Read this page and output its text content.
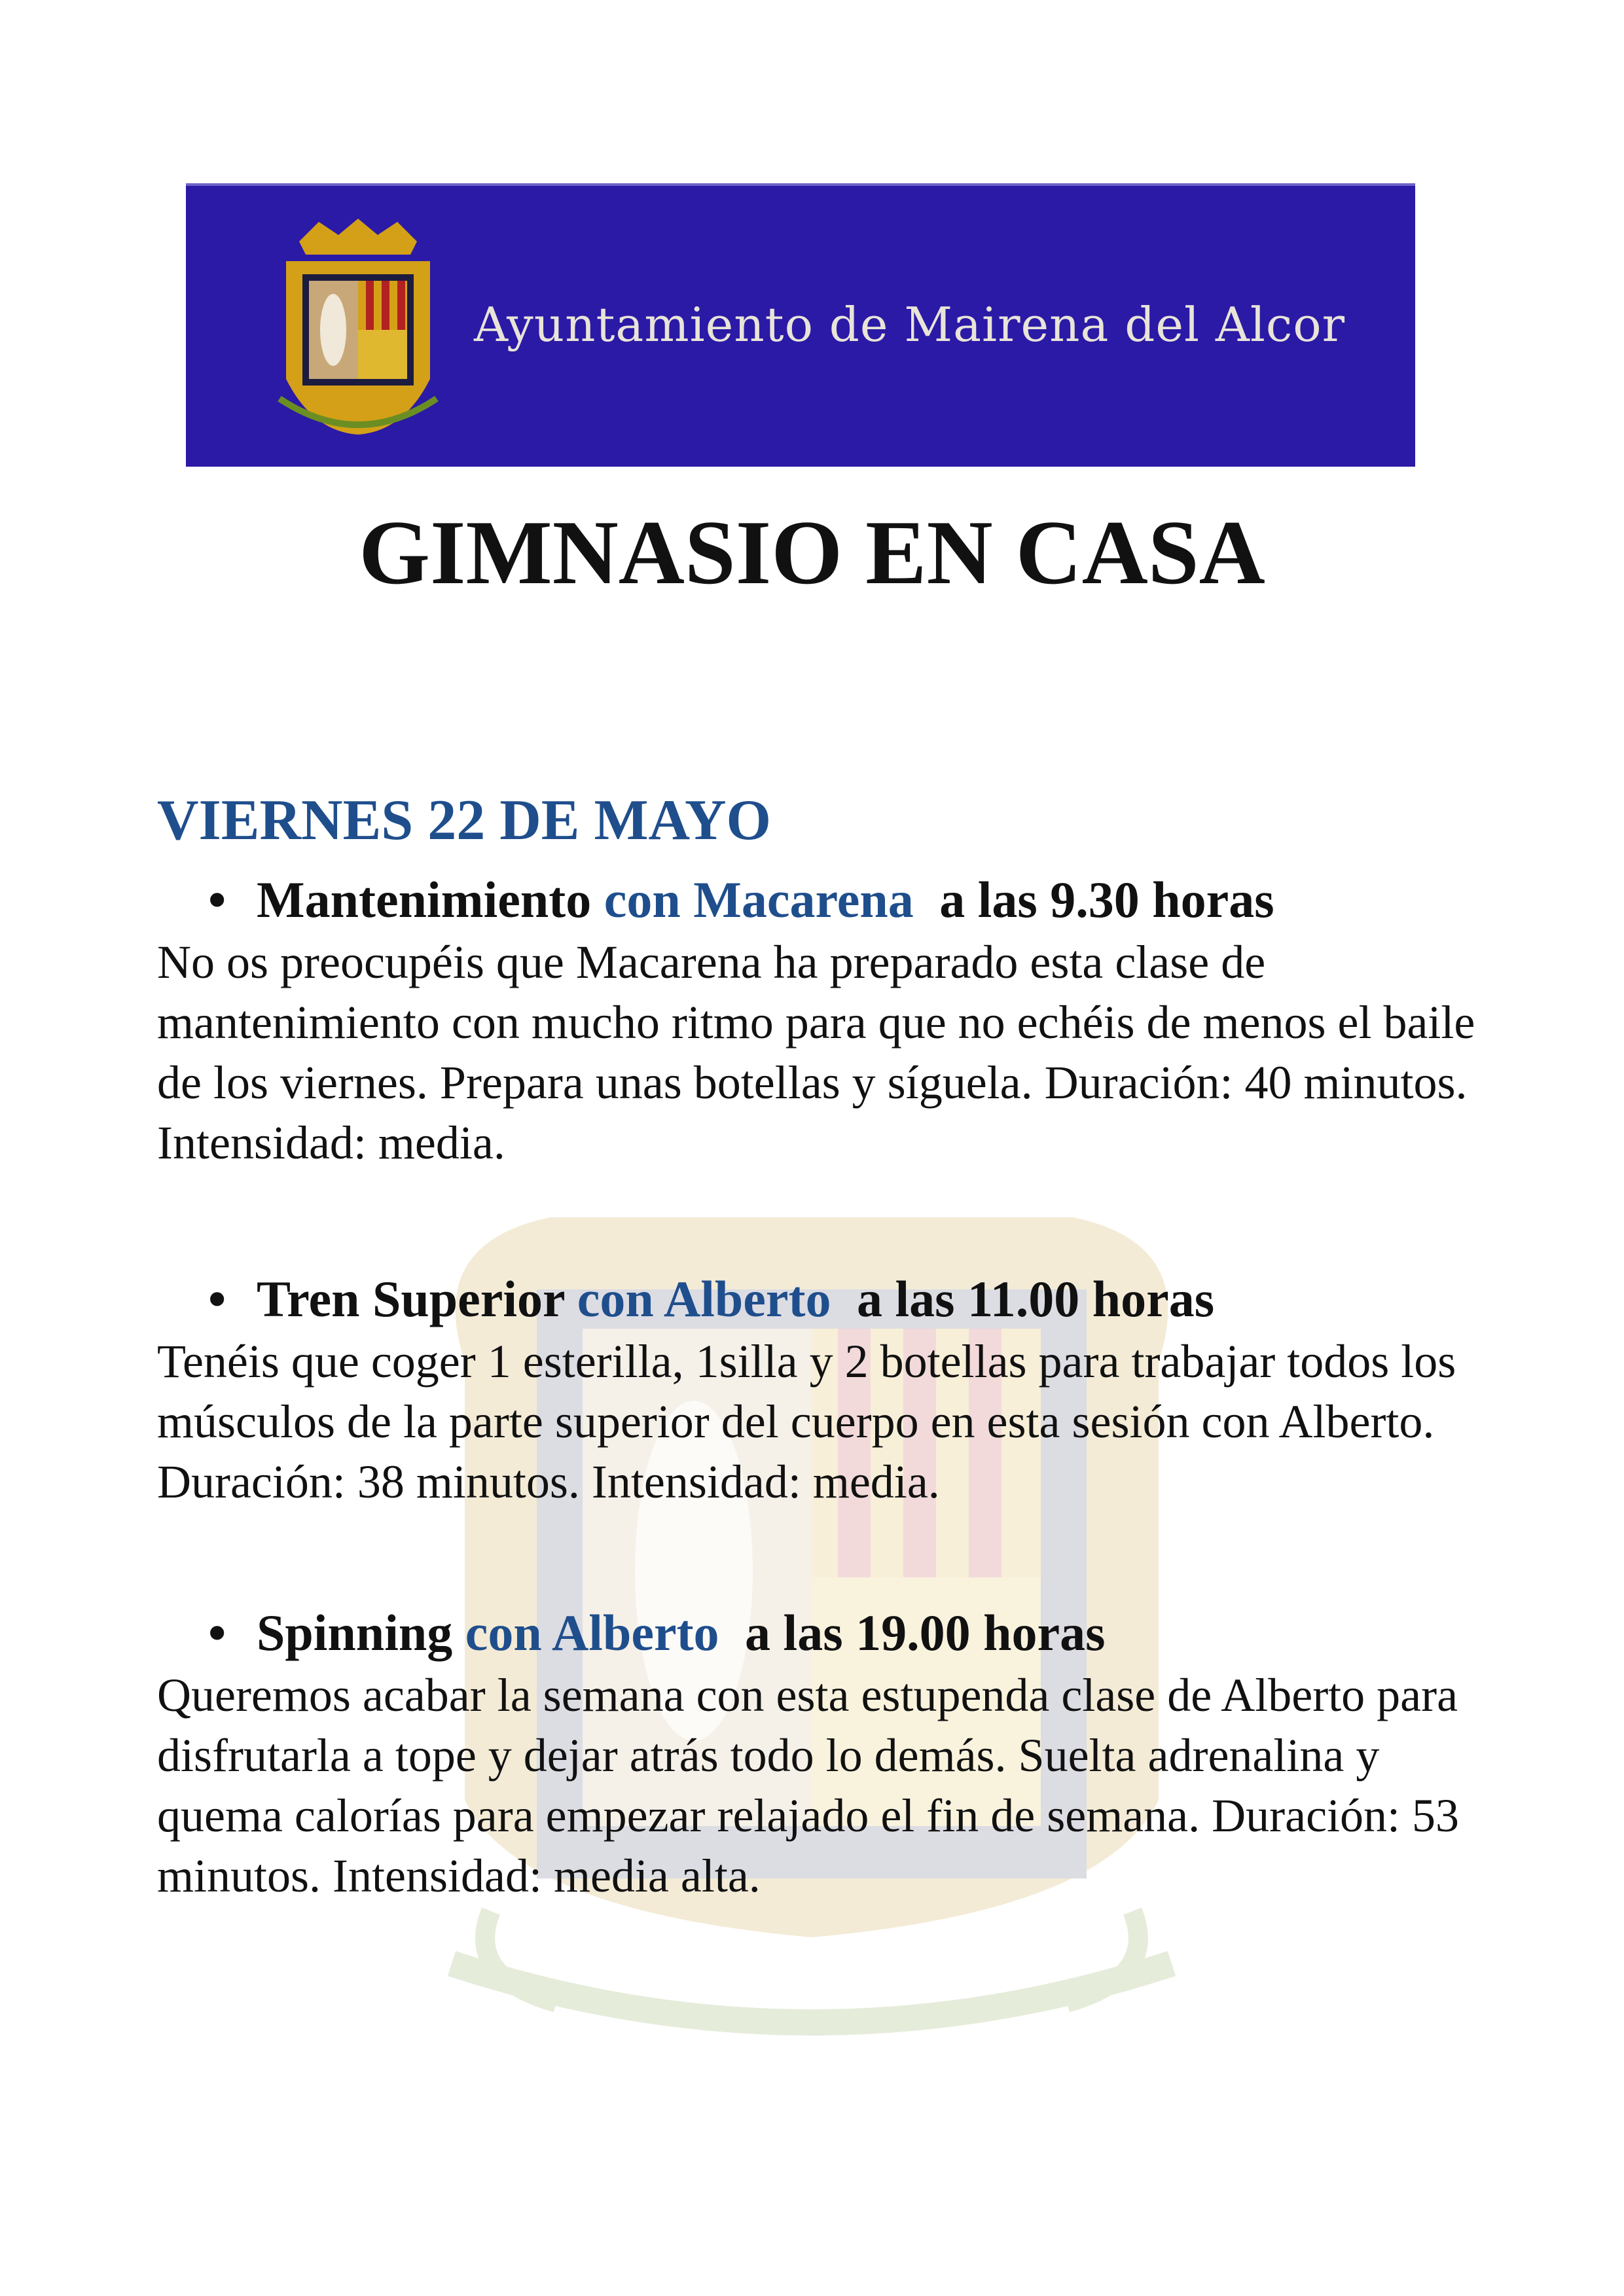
Ayuntamiento de Mairena del Alcor
GIMNASIO EN CASA
VIERNES 22 DE MAYO
• Mantenimiento con Macarena a las 9.30 horas

No os preocupéis que Macarena ha preparado esta clase de mantenimiento con mucho ritmo para que no echéis de menos el baile de los viernes. Prepara unas botellas y síguela. Duración: 40 minutos. Intensidad: media.

• Tren Superior con Alberto a las 11.00 horas

Tenéis que coger 1 esterilla, 1silla y 2 botellas para trabajar todos los músculos de la parte superior del cuerpo en esta sesión con Alberto. Duración: 38 minutos. Intensidad: media.

• Spinning con Alberto a las 19.00 horas

Queremos acabar la semana con esta estupenda clase de Alberto para disfrutarla a tope y dejar atrás todo lo demás. Suelta adrenalina y quema calorías para empezar relajado el fin de semana. Duración: 53 minutos. Intensidad: media alta.
